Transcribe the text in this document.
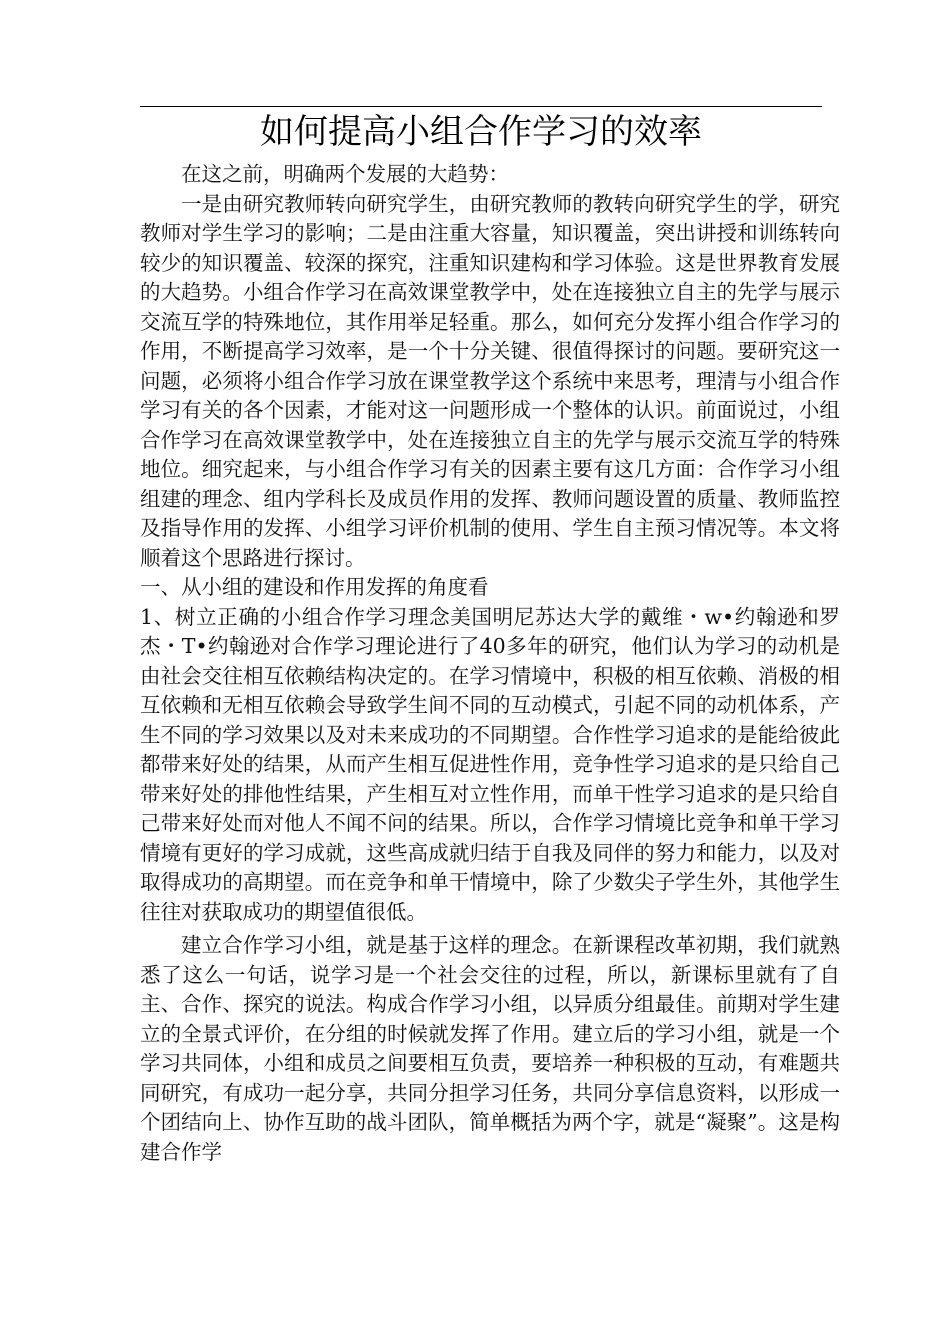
如何提高小组合作学习的效率

在这之前，明确两个发展的大趋势：

一是由研究教师转向研究学生，由研究教师的教转向研究学生的学，研究教师对学生学习的影响；二是由注重大容量，知识覆盖，突出讲授和训练转向较少的知识覆盖、较深的探究，注重知识建构和学习体验。这是世界教育发展的大趋势。小组合作学习在高效课堂教学中，处在连接独立自主的先学与展示交流互学的特殊地位，其作用举足轻重。那么，如何充分发挥小组合作学习的作用，不断提高学习效率，是一个十分关键、很值得探讨的问题。要研究这一问题，必须将小组合作学习放在课堂教学这个系统中来思考，理清与小组合作学习有关的各个因素，才能对这一问题形成一个整体的认识。前面说过，小组合作学习在高效课堂教学中，处在连接独立自主的先学与展示交流互学的特殊地位。细究起来，与小组合作学习有关的因素主要有这几方面：合作学习小组组建的理念、组内学科长及成员作用的发挥、教师问题设置的质量、教师监控及指导作用的发挥、小组学习评价机制的使用、学生自主预习情况等。本文将顺着这个思路进行探讨。

一、从小组的建设和作用发挥的角度看

1、树立正确的小组合作学习理念美国明尼苏达大学的戴维・w•约翰逊和罗杰・T•约翰逊对合作学习理论进行了40多年的研究，他们认为学习的动机是由社会交往相互依赖结构决定的。在学习情境中，积极的相互依赖、消极的相互依赖和无相互依赖会导致学生间不同的互动模式，引起不同的动机体系，产生不同的学习效果以及对未来成功的不同期望。合作性学习追求的是能给彼此都带来好处的结果，从而产生相互促进性作用，竞争性学习追求的是只给自己带来好处的排他性结果，产生相互对立性作用，而单干性学习追求的是只给自己带来好处而对他人不闻不问的结果。所以，合作学习情境比竞争和单干学习情境有更好的学习成就，这些高成就归结于自我及同伴的努力和能力，以及对取得成功的高期望。而在竞争和单干情境中，除了少数尖子学生外，其他学生往往对获取成功的期望值很低。

建立合作学习小组，就是基于这样的理念。在新课程改革初期，我们就熟悉了这么一句话，说学习是一个社会交往的过程，所以，新课标里就有了自主、合作、探究的说法。构成合作学习小组，以异质分组最佳。前期对学生建立的全景式评价，在分组的时候就发挥了作用。建立后的学习小组，就是一个学习共同体，小组和成员之间要相互负责，要培养一种积极的互动，有难题共同研究，有成功一起分享，共同分担学习任务，共同分享信息资料，以形成一个团结向上、协作互助的战斗团队，简单概括为两个字，就是“凝聚”。这是构建合作学
